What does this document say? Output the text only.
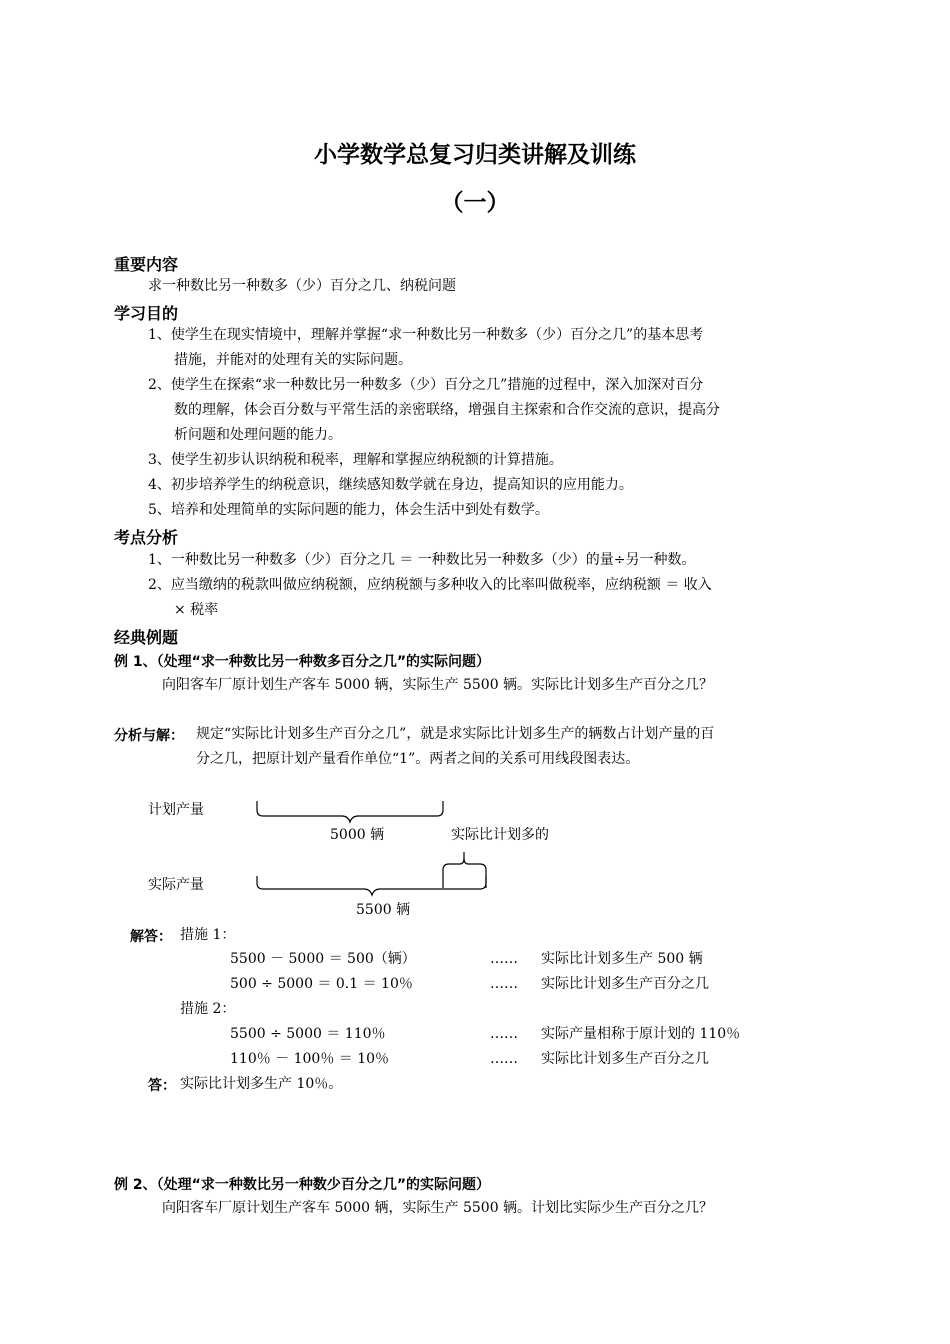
小学数学总复习归类讲解及训练
（一）
重要内容
求一种数比另一种数多（少）百分之几、纳税问题
学习目的
1、使学生在现实情境中，理解并掌握“求一种数比另一种数多（少）百分之几”的基本思考
措施，并能对的处理有关的实际问题。
2、使学生在探索“求一种数比另一种数多（少）百分之几”措施的过程中，深入加深对百分
数的理解，体会百分数与平常生活的亲密联络，增强自主探索和合作交流的意识，提高分
析问题和处理问题的能力。
3、使学生初步认识纳税和税率，理解和掌握应纳税额的计算措施。
4、初步培养学生的纳税意识，继续感知数学就在身边，提高知识的应用能力。
5、培养和处理简单的实际问题的能力，体会生活中到处有数学。
考点分析
1、一种数比另一种数多（少）百分之几 ＝ 一种数比另一种数多（少）的量÷另一种数。
2、应当缴纳的税款叫做应纳税额，应纳税额与多种收入的比率叫做税率，应纳税额 ＝ 收入
× 税率
经典例题
例 1、（处理“求一种数比另一种数多百分之几”的实际问题）
向阳客车厂原计划生产客车 5000 辆，实际生产 5500 辆。实际比计划多生产百分之几？
分析与解： 规定“实际比计划多生产百分之几”，就是求实际比计划多生产的辆数占计划产量的百
分之几，把原计划产量看作单位“1”。两者之间的关系可用线段图表达。
计划产量
5000 辆	实际比计划多的
实际产量
5500 辆
解答： 措施 1：
5500 － 5000 ＝ 500（辆）	…… 实际比计划多生产 500 辆
500 ÷ 5000 ＝ 0.1 ＝ 10％	…… 实际比计划多生产百分之几
措施 2：
5500 ÷ 5000 ＝ 110％	…… 实际产量相称于原计划的 110％
110％ － 100％ ＝ 10％	…… 实际比计划多生产百分之几
答： 实际比计划多生产 10％。
例 2、（处理“求一种数比另一种数少百分之几”的实际问题）
向阳客车厂原计划生产客车 5000 辆，实际生产 5500 辆。计划比实际少生产百分之几？
